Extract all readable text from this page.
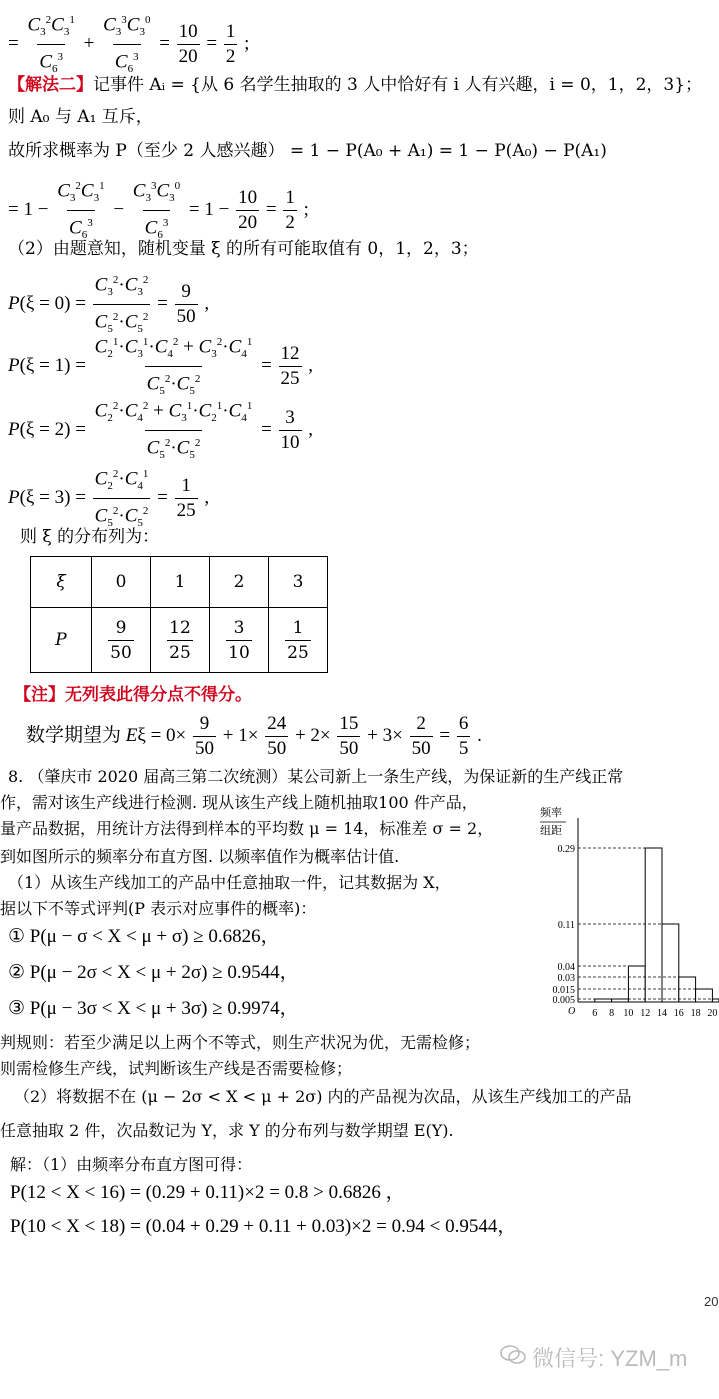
= $\frac{C_3^2C_3^1}{C_6^3} + \frac{C_3^3C_3^0}{C_6^3} = \frac{10}{20} = \frac{1}{2}$ ;
【解法二】记事件 Aᵢ = {从 6 名学生抽取的 3 人中恰好有 i 人有兴趣，i = 0，1，2，3}；
则 A₀ 与 A₁ 互斥，
故所求概率为 P（至少 2 人感兴趣） = 1 − P(A₀ + A₁) = 1 − P(A₀) − P(A₁)
= $1 - \frac{C_3^2C_3^1}{C_6^3} - \frac{C_3^3C_3^0}{C_6^3} = 1 - \frac{10}{20} = \frac{1}{2}$ ;
（2）由题意知，随机变量 ξ 的所有可能取值有 0，1，2，3；
$P(\xi = 0) = \frac{C_3^2\cdot C_3^2}{C_5^2\cdot C_5^2} = \frac{9}{50}$ ,
$P(\xi = 1) = \frac{C_2^1\cdot C_3^1\cdot C_4^2 + C_3^2\cdot C_4^1}{C_5^2\cdot C_5^2} = \frac{12}{25}$ ,
$P(\xi = 2) = \frac{C_2^2\cdot C_4^2 + C_3^1\cdot C_2^1\cdot C_4^1}{C_5^2\cdot C_5^2} = \frac{3}{10}$ ,
$P(\xi = 3) = \frac{C_2^2\cdot C_4^1}{C_5^2\cdot C_5^2} = \frac{1}{25}$ ,
则 ξ 的分布列为：
ξ	0	1	2	3
P	$\frac{9}{50}$	$\frac{12}{25}$	$\frac{3}{10}$	$\frac{1}{25}$
【注】无列表此得分点不得分。
数学期望为 $E\xi = 0\times \frac{9}{50} + 1\times \frac{24}{50} + 2\times \frac{15}{50} + 3\times \frac{2}{50} = \frac{6}{5}$ .
8. （肇庆市 2020 届高三第二次统测）某公司新上一条生产线，为保证新的生产线正常
作，需对该生产线进行检测. 现从该生产线上随机抽取100 件产品，
量产品数据，用统计方法得到样本的平均数 μ = 14，标准差 σ = 2，
到如图所示的频率分布直方图. 以频率值作为概率估计值.
（1）从该生产线加工的产品中任意抽取一件，记其数据为 X，
据以下不等式评判(P 表示对应事件的概率)：
① P(μ − σ < X < μ + σ) ≥ 0.6826，
② P(μ − 2σ < X < μ + 2σ) ≥ 0.9544，
③ P(μ − 3σ < X < μ + 3σ) ≥ 0.9974，
判规则：若至少满足以上两个不等式，则生产状况为优，无需检修；
则需检修生产线，试判断该生产线是否需要检修；
（2）将数据不在 (μ − 2σ < X < μ + 2σ) 内的产品视为次品，从该生产线加工的产品
任意抽取 2 件，次品数记为 Y，求 Y 的分布列与数学期望 E(Y).
解：（1）由频率分布直方图可得：
P(12 < X < 16) = (0.29 + 0.11)×2 = 0.8 > 0.6826 ，
P(10 < X < 18) = (0.04 + 0.29 + 0.11 + 0.03)×2 = 0.94 < 0.9544，
频率
组距
0.29
0.11
0.04
0.03
0.015
0.005
6 8 10 12 14 16 18 20
O
20
微信号: YZM_m
